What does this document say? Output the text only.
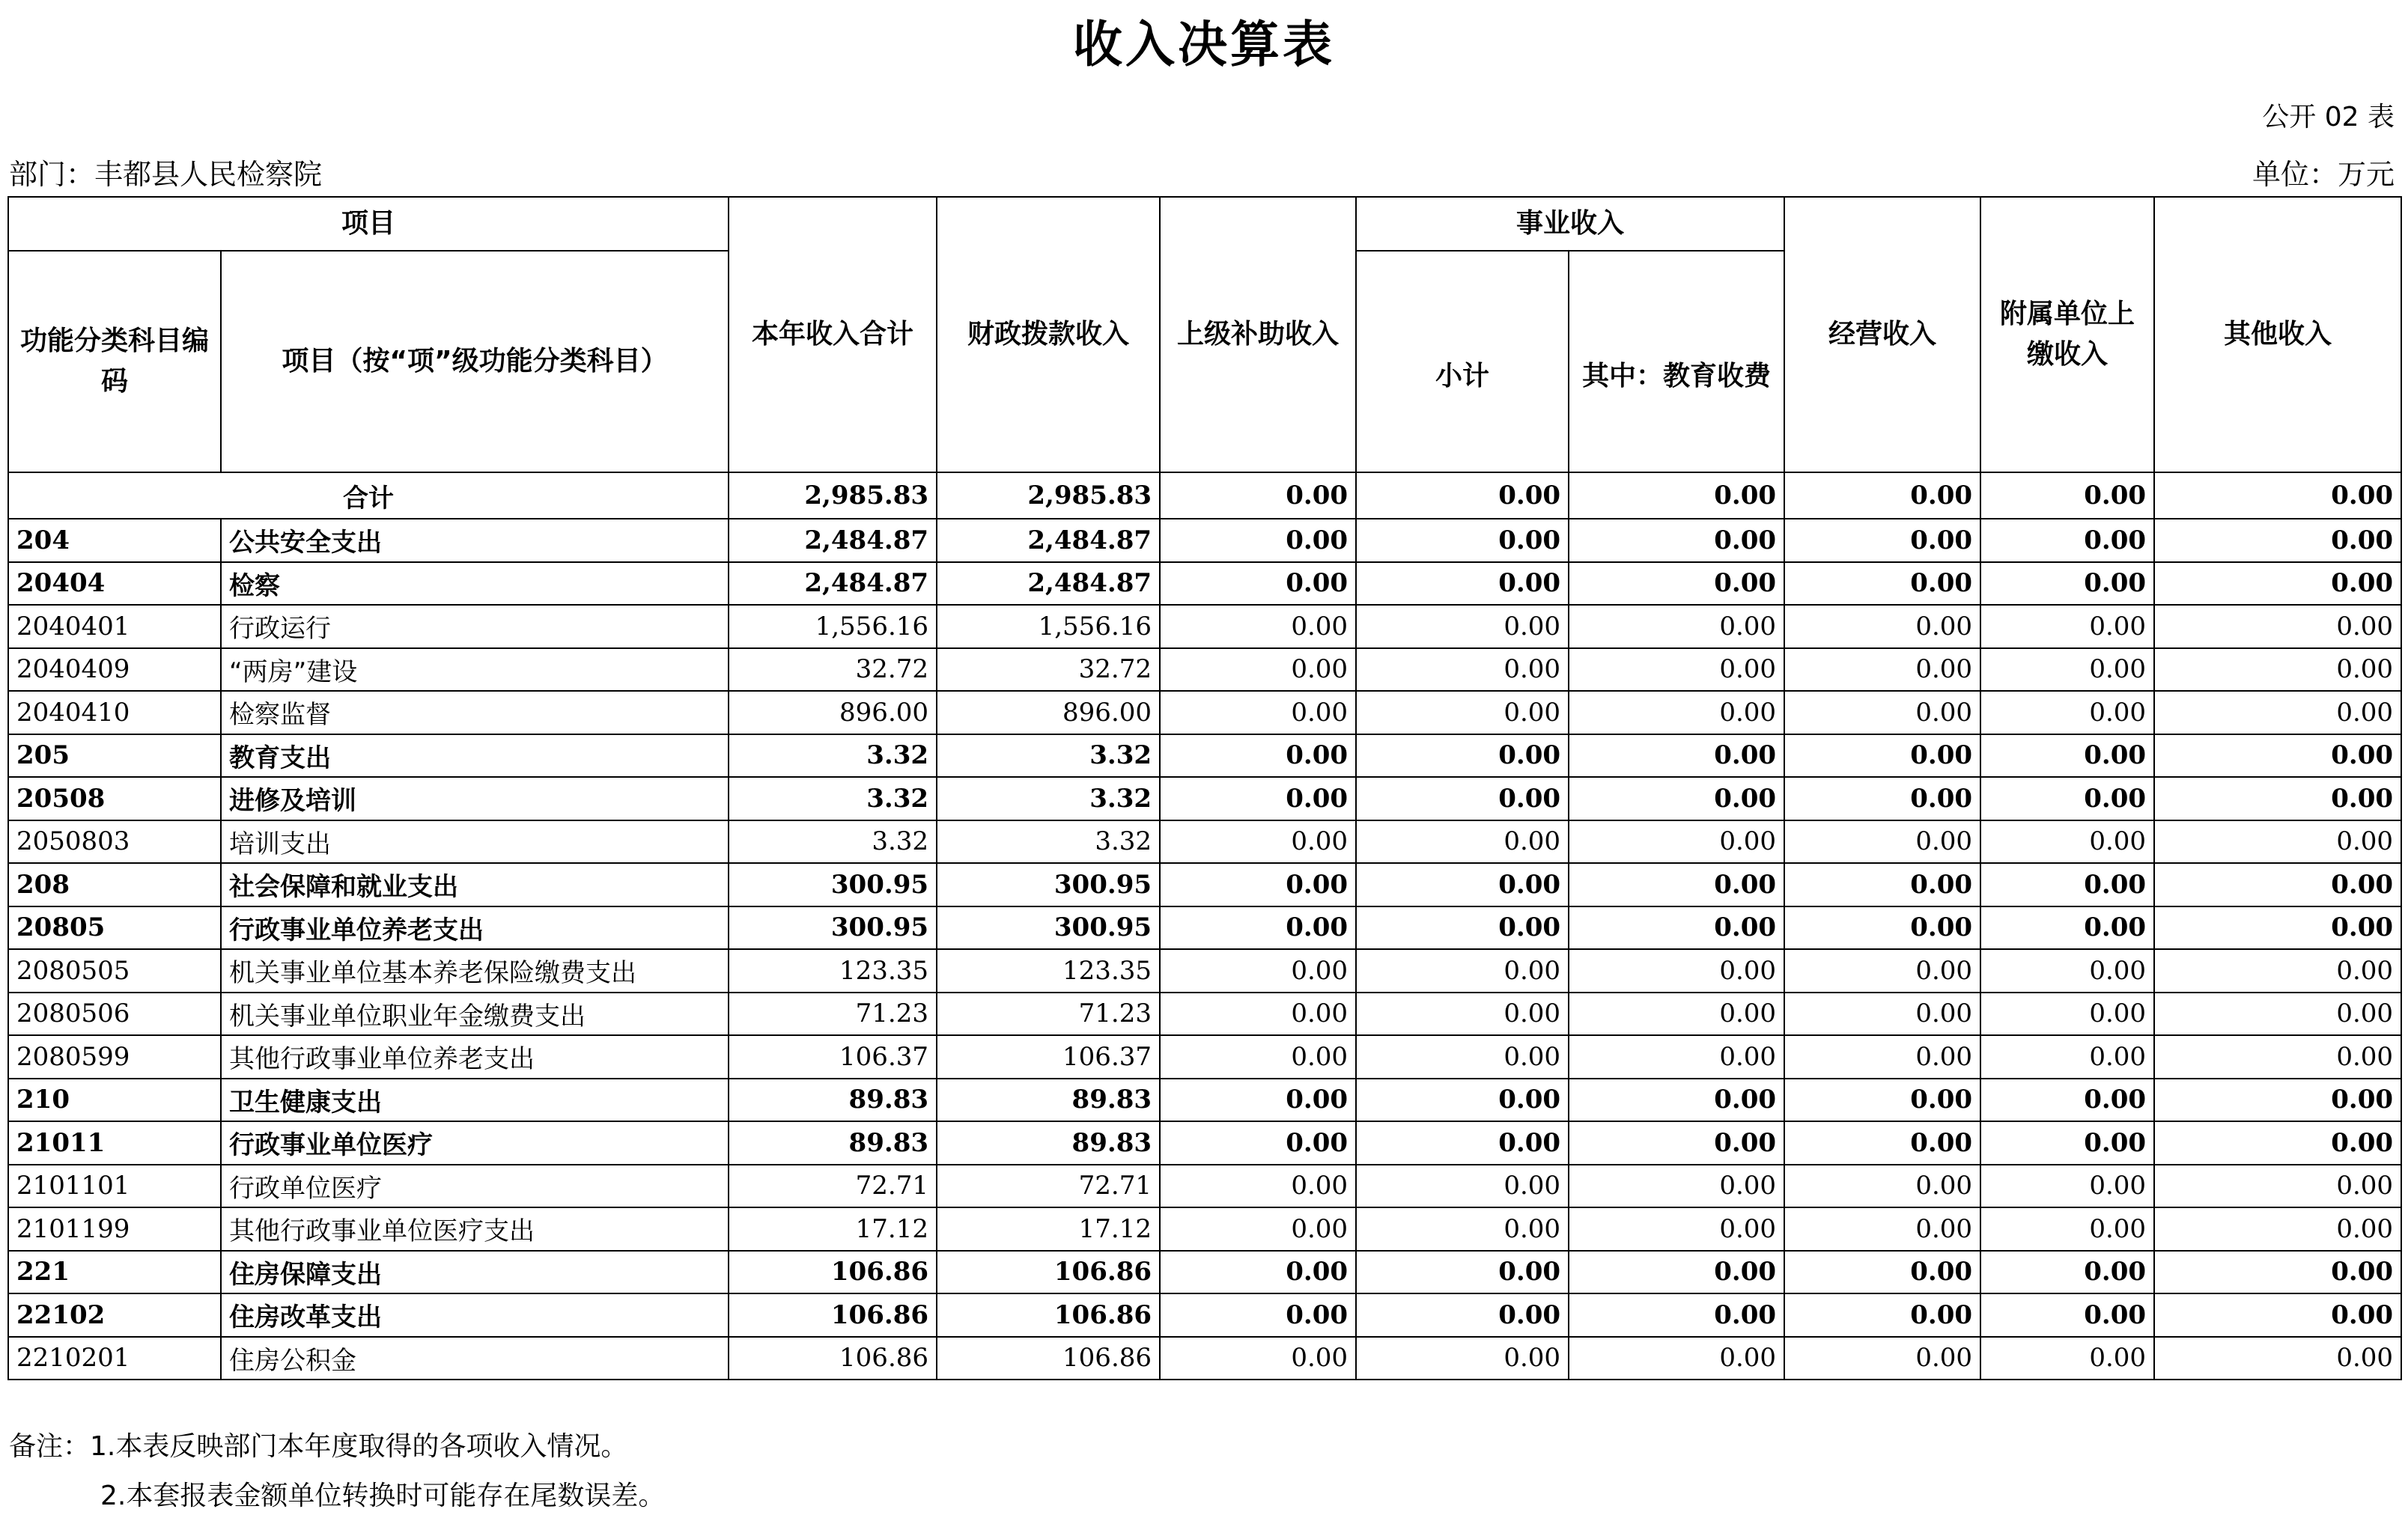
收入决算表
公开 02 表
部门：丰都县人民检察院	单位：万元
项目		本年收入合计	财政拨款收入	上级补助收入	事业收入		经营收入	附属单位上缴收入	其他收入
功能分类科目编码	项目（按“项”级功能分类科目）				小计	其中：教育收费			
合计		2,985.83	2,985.83	0.00	0.00	0.00	0.00	0.00	0.00
204	公共安全支出	2,484.87	2,484.87	0.00	0.00	0.00	0.00	0.00	0.00
20404	检察	2,484.87	2,484.87	0.00	0.00	0.00	0.00	0.00	0.00
2040401	行政运行	1,556.16	1,556.16	0.00	0.00	0.00	0.00	0.00	0.00
2040409	“两房”建设	32.72	32.72	0.00	0.00	0.00	0.00	0.00	0.00
2040410	检察监督	896.00	896.00	0.00	0.00	0.00	0.00	0.00	0.00
205	教育支出	3.32	3.32	0.00	0.00	0.00	0.00	0.00	0.00
20508	进修及培训	3.32	3.32	0.00	0.00	0.00	0.00	0.00	0.00
2050803	培训支出	3.32	3.32	0.00	0.00	0.00	0.00	0.00	0.00
208	社会保障和就业支出	300.95	300.95	0.00	0.00	0.00	0.00	0.00	0.00
20805	行政事业单位养老支出	300.95	300.95	0.00	0.00	0.00	0.00	0.00	0.00
2080505	机关事业单位基本养老保险缴费支出	123.35	123.35	0.00	0.00	0.00	0.00	0.00	0.00
2080506	机关事业单位职业年金缴费支出	71.23	71.23	0.00	0.00	0.00	0.00	0.00	0.00
2080599	其他行政事业单位养老支出	106.37	106.37	0.00	0.00	0.00	0.00	0.00	0.00
210	卫生健康支出	89.83	89.83	0.00	0.00	0.00	0.00	0.00	0.00
21011	行政事业单位医疗	89.83	89.83	0.00	0.00	0.00	0.00	0.00	0.00
2101101	行政单位医疗	72.71	72.71	0.00	0.00	0.00	0.00	0.00	0.00
2101199	其他行政事业单位医疗支出	17.12	17.12	0.00	0.00	0.00	0.00	0.00	0.00
221	住房保障支出	106.86	106.86	0.00	0.00	0.00	0.00	0.00	0.00
22102	住房改革支出	106.86	106.86	0.00	0.00	0.00	0.00	0.00	0.00
2210201	住房公积金	106.86	106.86	0.00	0.00	0.00	0.00	0.00	0.00
备注：1.本表反映部门本年度取得的各项收入情况。
2.本套报表金额单位转换时可能存在尾数误差。
